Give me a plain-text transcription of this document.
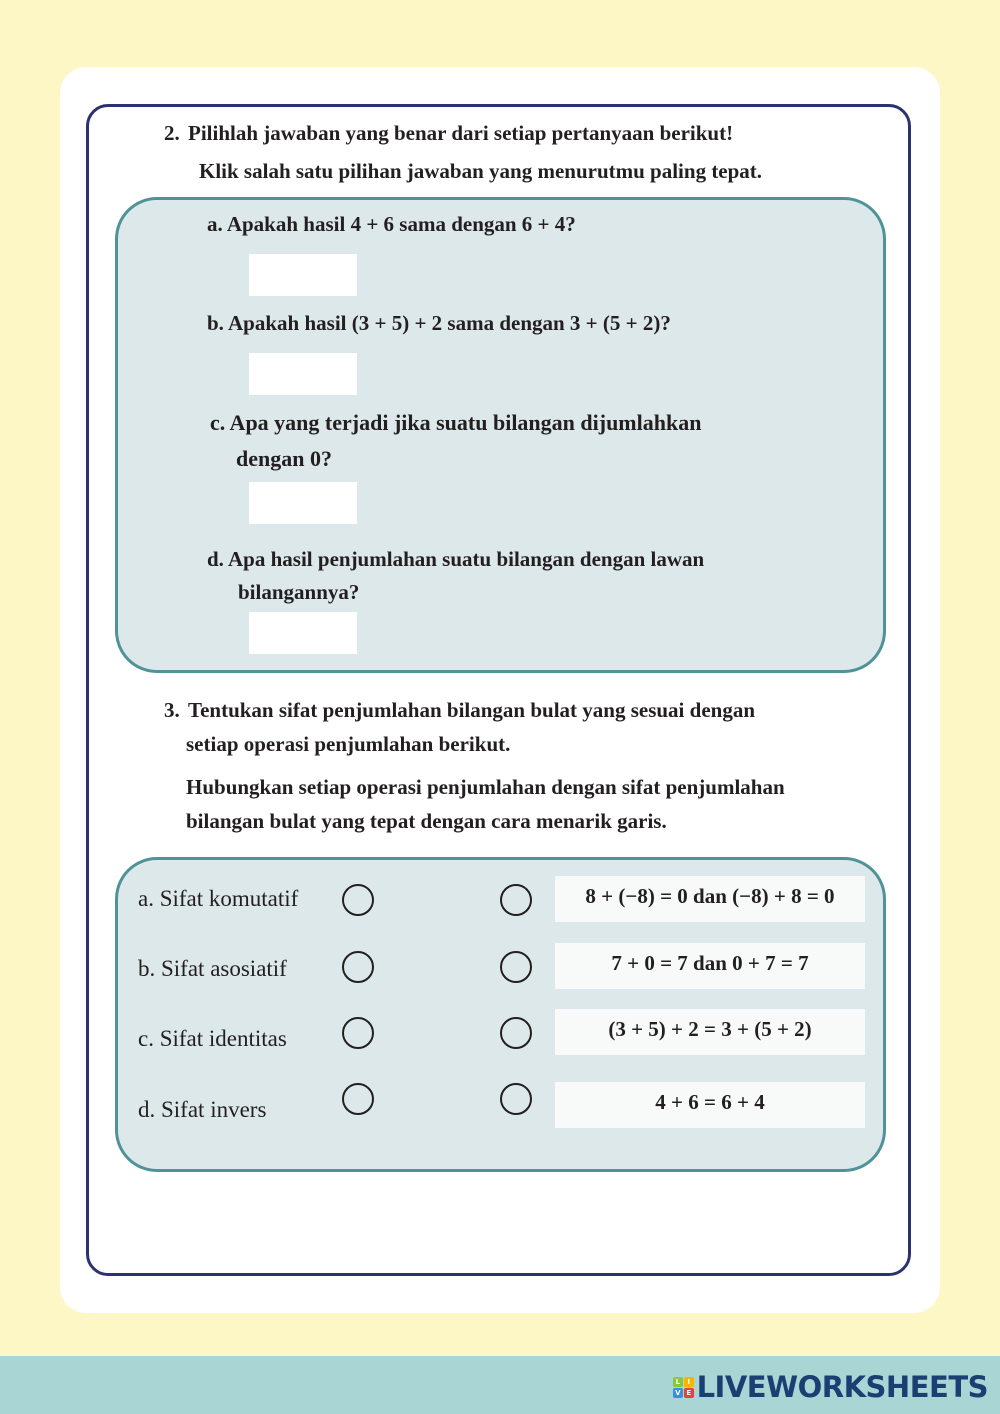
2. Pilihlah jawaban yang benar dari setiap pertanyaan berikut!
Klik salah satu pilihan jawaban yang menurutmu paling tepat.
a. Apakah hasil 4 + 6 sama dengan 6 + 4?
b. Apakah hasil (3 + 5) + 2 sama dengan 3 + (5 + 2)?
c. Apa yang terjadi jika suatu bilangan dijumlahkan
dengan 0?
d. Apa hasil penjumlahan suatu bilangan dengan lawan
bilangannya?
3. Tentukan sifat penjumlahan bilangan bulat yang sesuai dengan
setiap operasi penjumlahan berikut.
Hubungkan setiap operasi penjumlahan dengan sifat penjumlahan
bilangan bulat yang tepat dengan cara menarik garis.
a. Sifat komutatif
b. Sifat asosiatif
c. Sifat identitas
d. Sifat invers
8 + (−8) = 0 dan (−8) + 8 = 0
7 + 0 = 7 dan 0 + 7 = 7
(3 + 5) + 2 = 3 + (5 + 2)
4 + 6 = 6 + 4
L	I
V E LIVEWORKSHEETS
